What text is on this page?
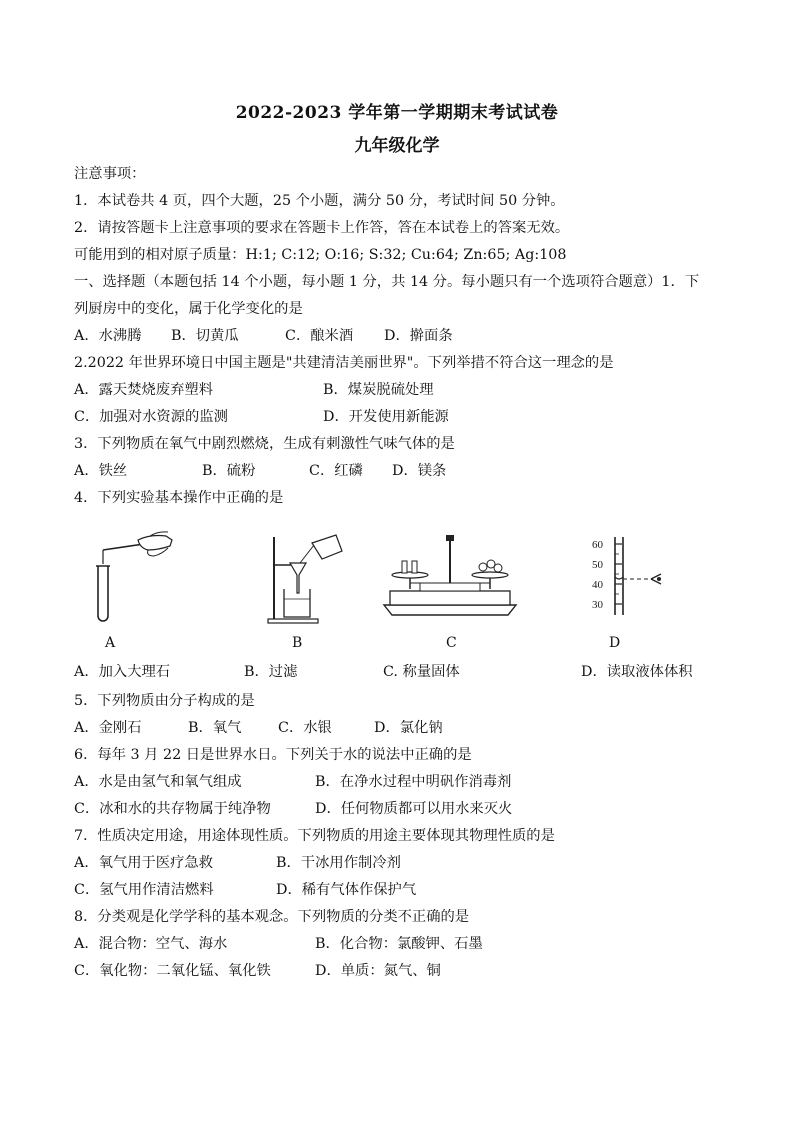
2022-2023 学年第一学期期末考试试卷
九年级化学
注意事项：
1．本试卷共 4 页，四个大题，25 个小题，满分 50 分，考试时间 50 分钟。
2．请按答题卡上注意事项的要求在答题卡上作答，答在本试卷上的答案无效。
可能用到的相对原子质量：H:1; C:12; O:16; S:32; Cu:64; Zn:65; Ag:108
一、选择题（本题包括 14 个小题，每小题 1 分，共 14 分。每小题只有一个选项符合题意）1．下
列厨房中的变化，属于化学变化的是
A．水沸腾 B．切黄瓜	C．酿米酒 D．擀面条
2.2022 年世界环境日中国主题是"共建清洁美丽世界"。下列举措不符合这一理念的是
A．露天焚烧废弃塑料	B．煤炭脱硫处理
C．加强对水资源的监测	D．开发使用新能源
3．下列物质在氧气中剧烈燃烧，生成有刺激性气味气体的是
A．铁丝	B．硫粉	C．红磷 D．镁条
4．下列实验基本操作中正确的是
A	B	C
60
50
40
30
D
A．加入大理石	B．过滤	C. 称量固体	D．读取液体体积
5．下列物质由分子构成的是
A．金刚石	B．氧气	C．水银	D．氯化钠
6．每年 3 月 22 日是世界水日。下列关于水的说法中正确的是
A．水是由氢气和氧气组成	B．在净水过程中明矾作消毒剂
C．冰和水的共存物属于纯净物	D．任何物质都可以用水来灭火
7．性质决定用途，用途体现性质。下列物质的用途主要体现其物理性质的是
A．氧气用于医疗急救	B．干冰用作制冷剂
C．氢气用作清洁燃料	D．稀有气体作保护气
8．分类观是化学学科的基本观念。下列物质的分类不正确的是
A．混合物：空气、海水	B．化合物：氯酸钾、石墨
C．氧化物：二氧化锰、氧化铁	D．单质：氮气、铜
